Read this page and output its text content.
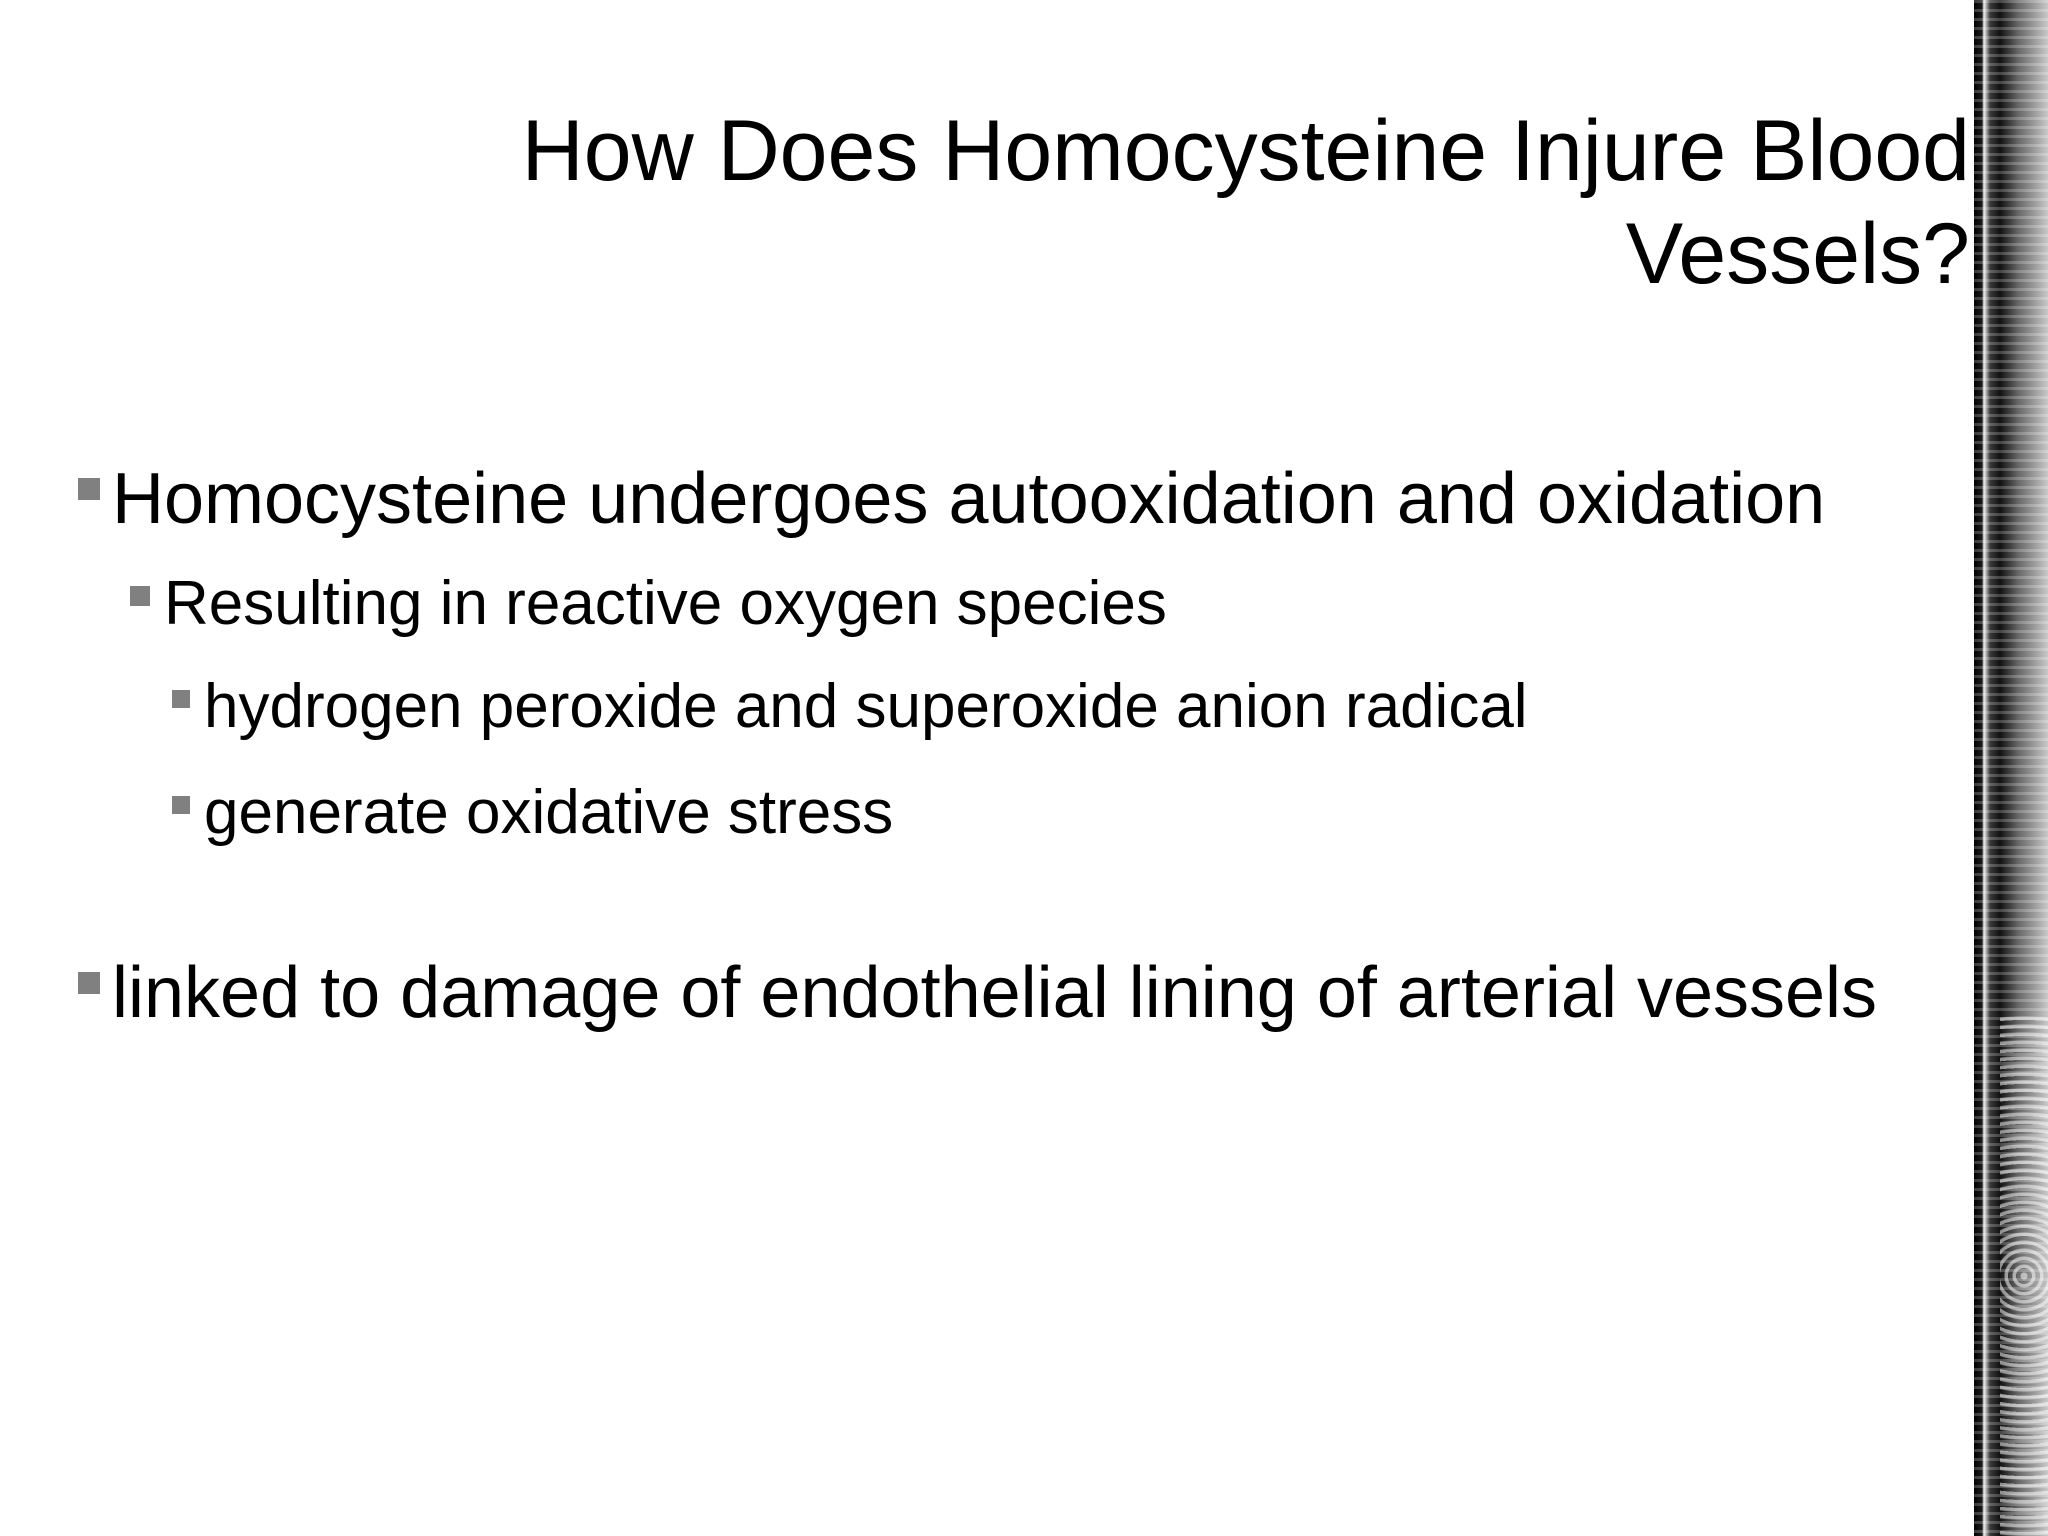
How Does Homocysteine Injure Blood Vessels?
Homocysteine undergoes autooxidation and oxidation
Resulting in reactive oxygen species
hydrogen peroxide and superoxide anion radical
generate oxidative stress
linked to damage of endothelial lining of arterial vessels
